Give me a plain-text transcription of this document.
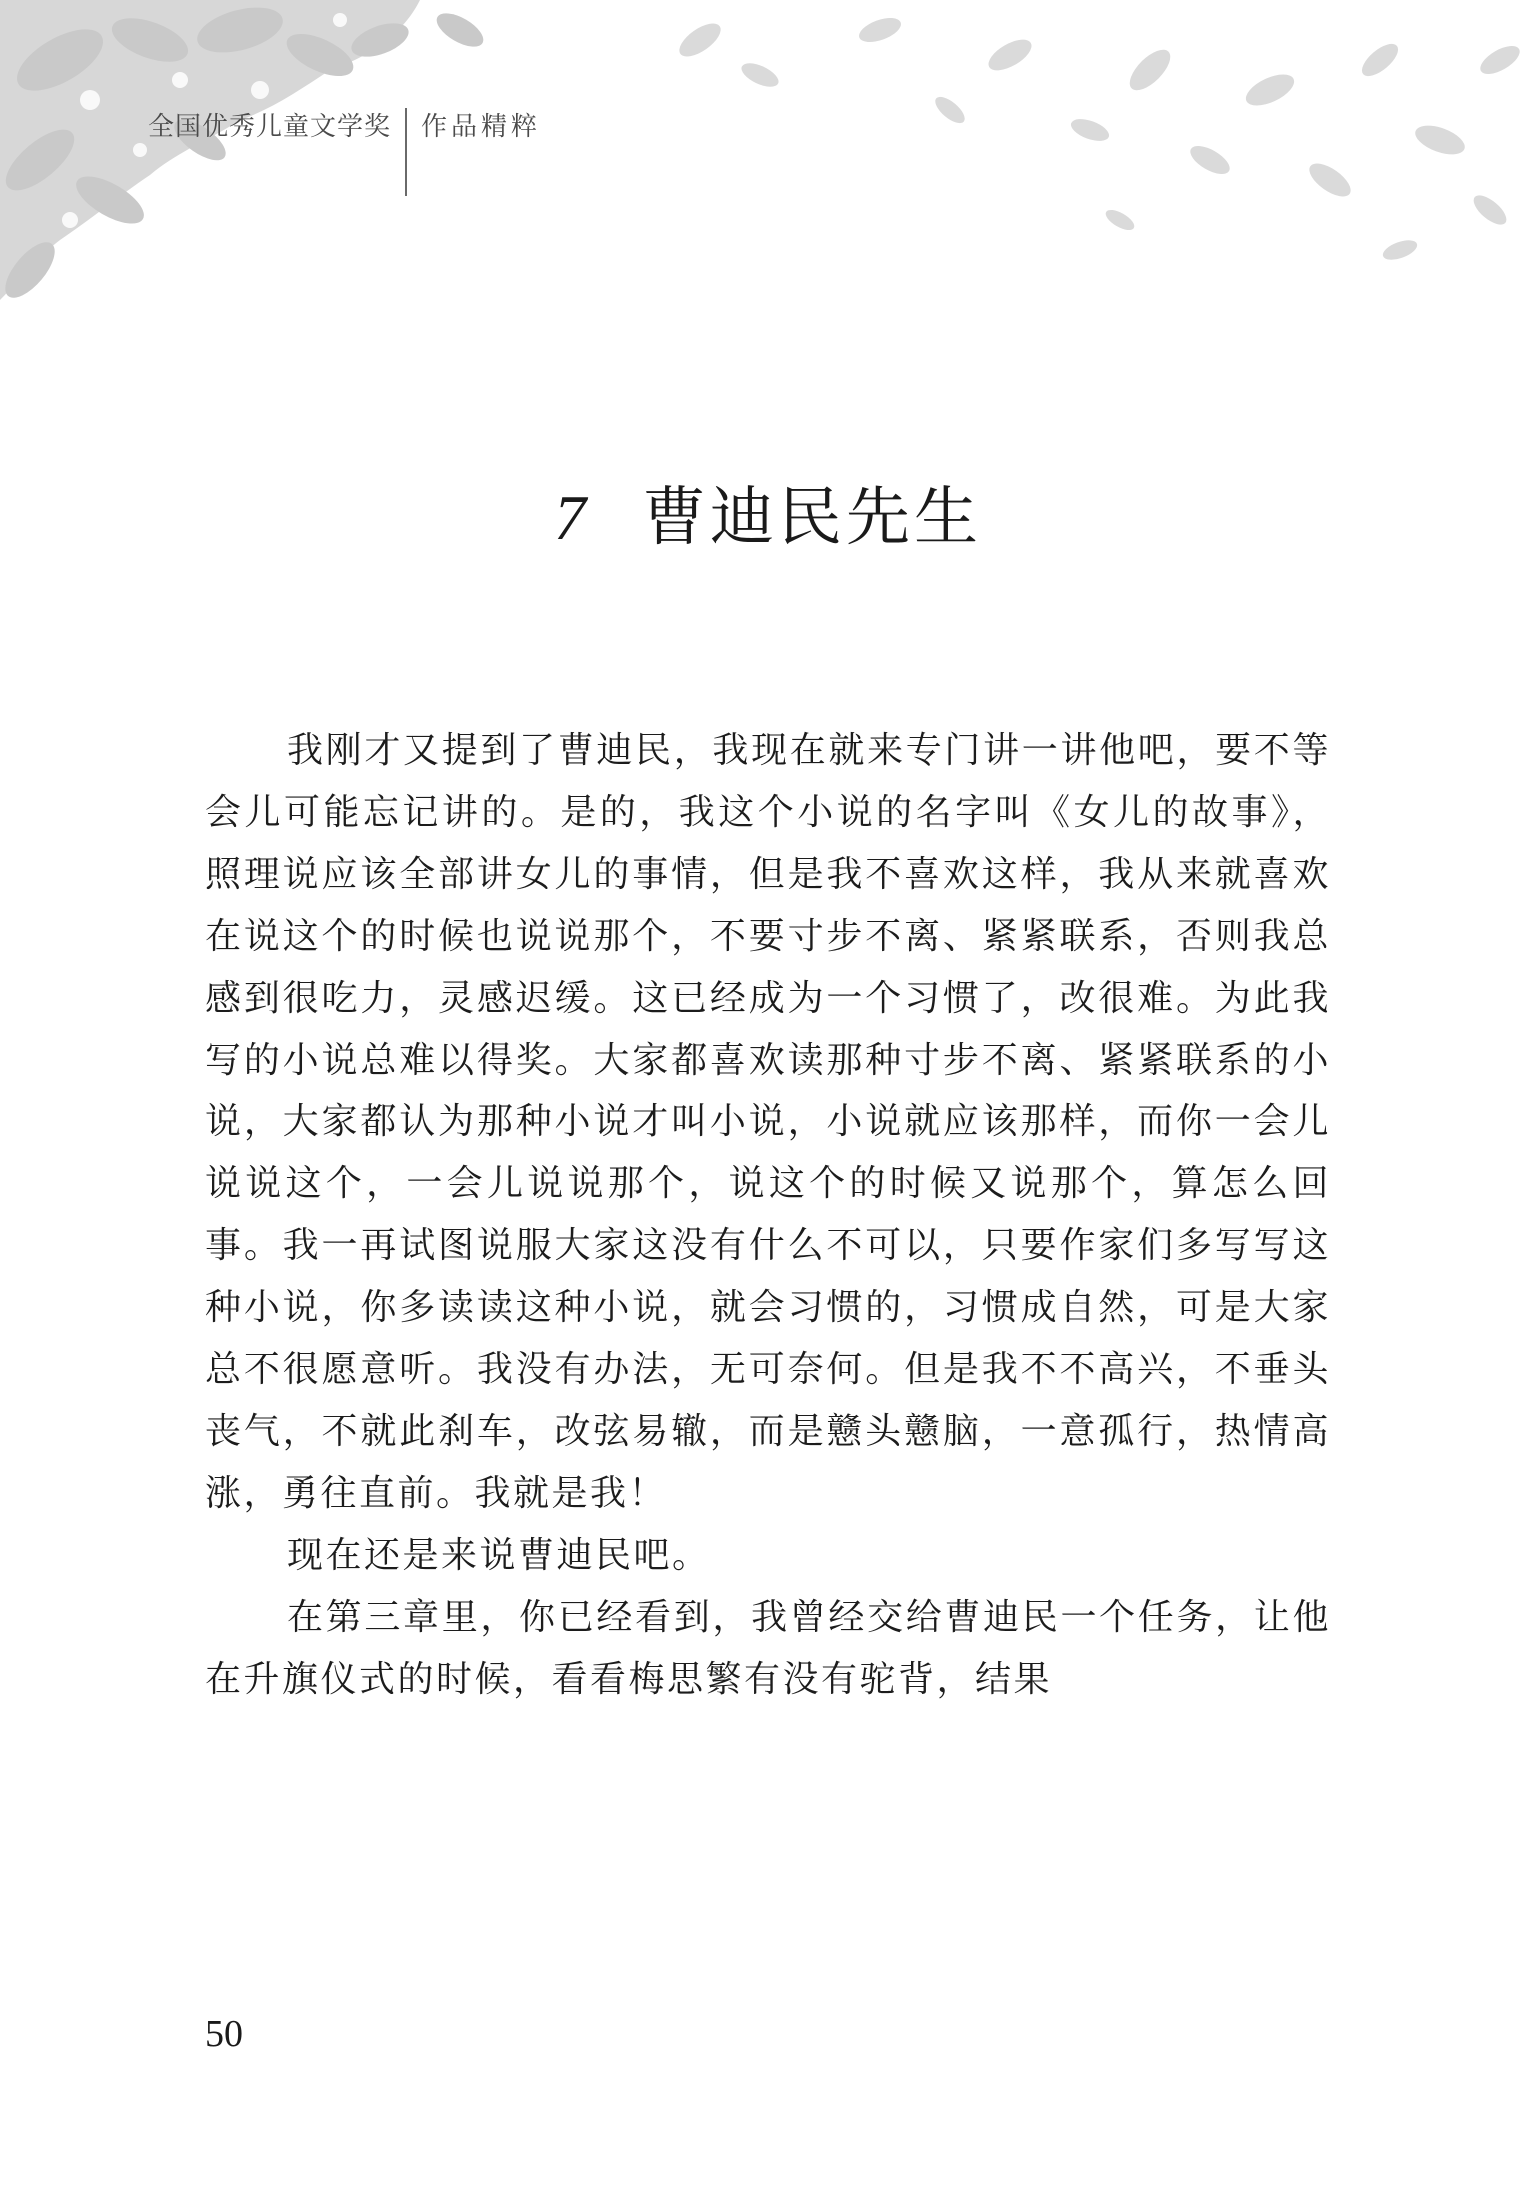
全国优秀儿童文学奖	作品精粹
7 曹迪民先生

我刚才又提到了曹迪民，我现在就来专门讲一讲他吧，要不等会儿可能忘记讲的。是的，我这个小说的名字叫《女儿的故事》，照理说应该全部讲女儿的事情，但是我不喜欢这样，我从来就喜欢在说这个的时候也说说那个，不要寸步不离、紧紧联系，否则我总感到很吃力，灵感迟缓。这已经成为一个习惯了，改很难。为此我写的小说总难以得奖。大家都喜欢读那种寸步不离、紧紧联系的小说，大家都认为那种小说才叫小说，小说就应该那样，而你一会儿说说这个，一会儿说说那个，说这个的时候又说那个，算怎么回事。我一再试图说服大家这没有什么不可以，只要作家们多写写这种小说，你多读读这种小说，就会习惯的，习惯成自然，可是大家总不很愿意听。我没有办法，无可奈何。但是我不不高兴，不垂头丧气，不就此刹车，改弦易辙，而是戆头戆脑，一意孤行，热情高涨，勇往直前。我就是我！

现在还是来说曹迪民吧。

在第三章里，你已经看到，我曾经交给曹迪民一个任务，让他在升旗仪式的时候，看看梅思繁有没有驼背，结果

50
